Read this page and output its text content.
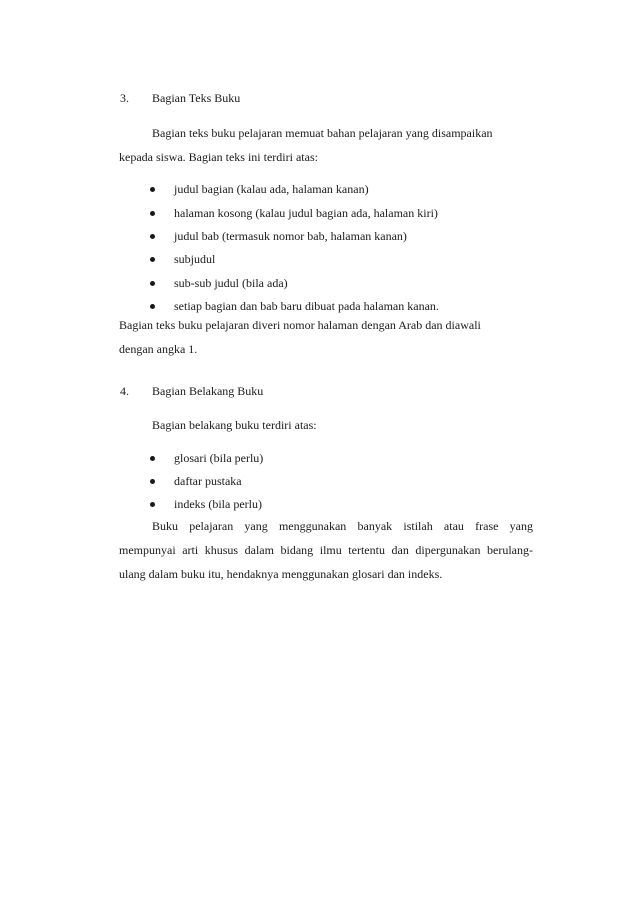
3. Bagian Teks Buku
Bagian teks buku pelajaran memuat bahan pelajaran yang disampaikan
kepada siswa. Bagian teks ini terdiri atas:
judul bagian (kalau ada, halaman kanan)
halaman kosong (kalau judul bagian ada, halaman kiri)
judul bab (termasuk nomor bab, halaman kanan)
subjudul
sub-sub judul (bila ada)
setiap bagian dan bab baru dibuat pada halaman kanan.
Bagian teks buku pelajaran diveri nomor halaman dengan Arab dan diawali
dengan angka 1.
4. Bagian Belakang Buku
Bagian belakang buku terdiri atas:
glosari (bila perlu)
daftar pustaka
indeks (bila perlu)
Buku pelajaran yang menggunakan banyak istilah atau frase yang
mempunyai arti khusus dalam bidang ilmu tertentu dan dipergunakan berulang-
ulang dalam buku itu, hendaknya menggunakan glosari dan indeks.
